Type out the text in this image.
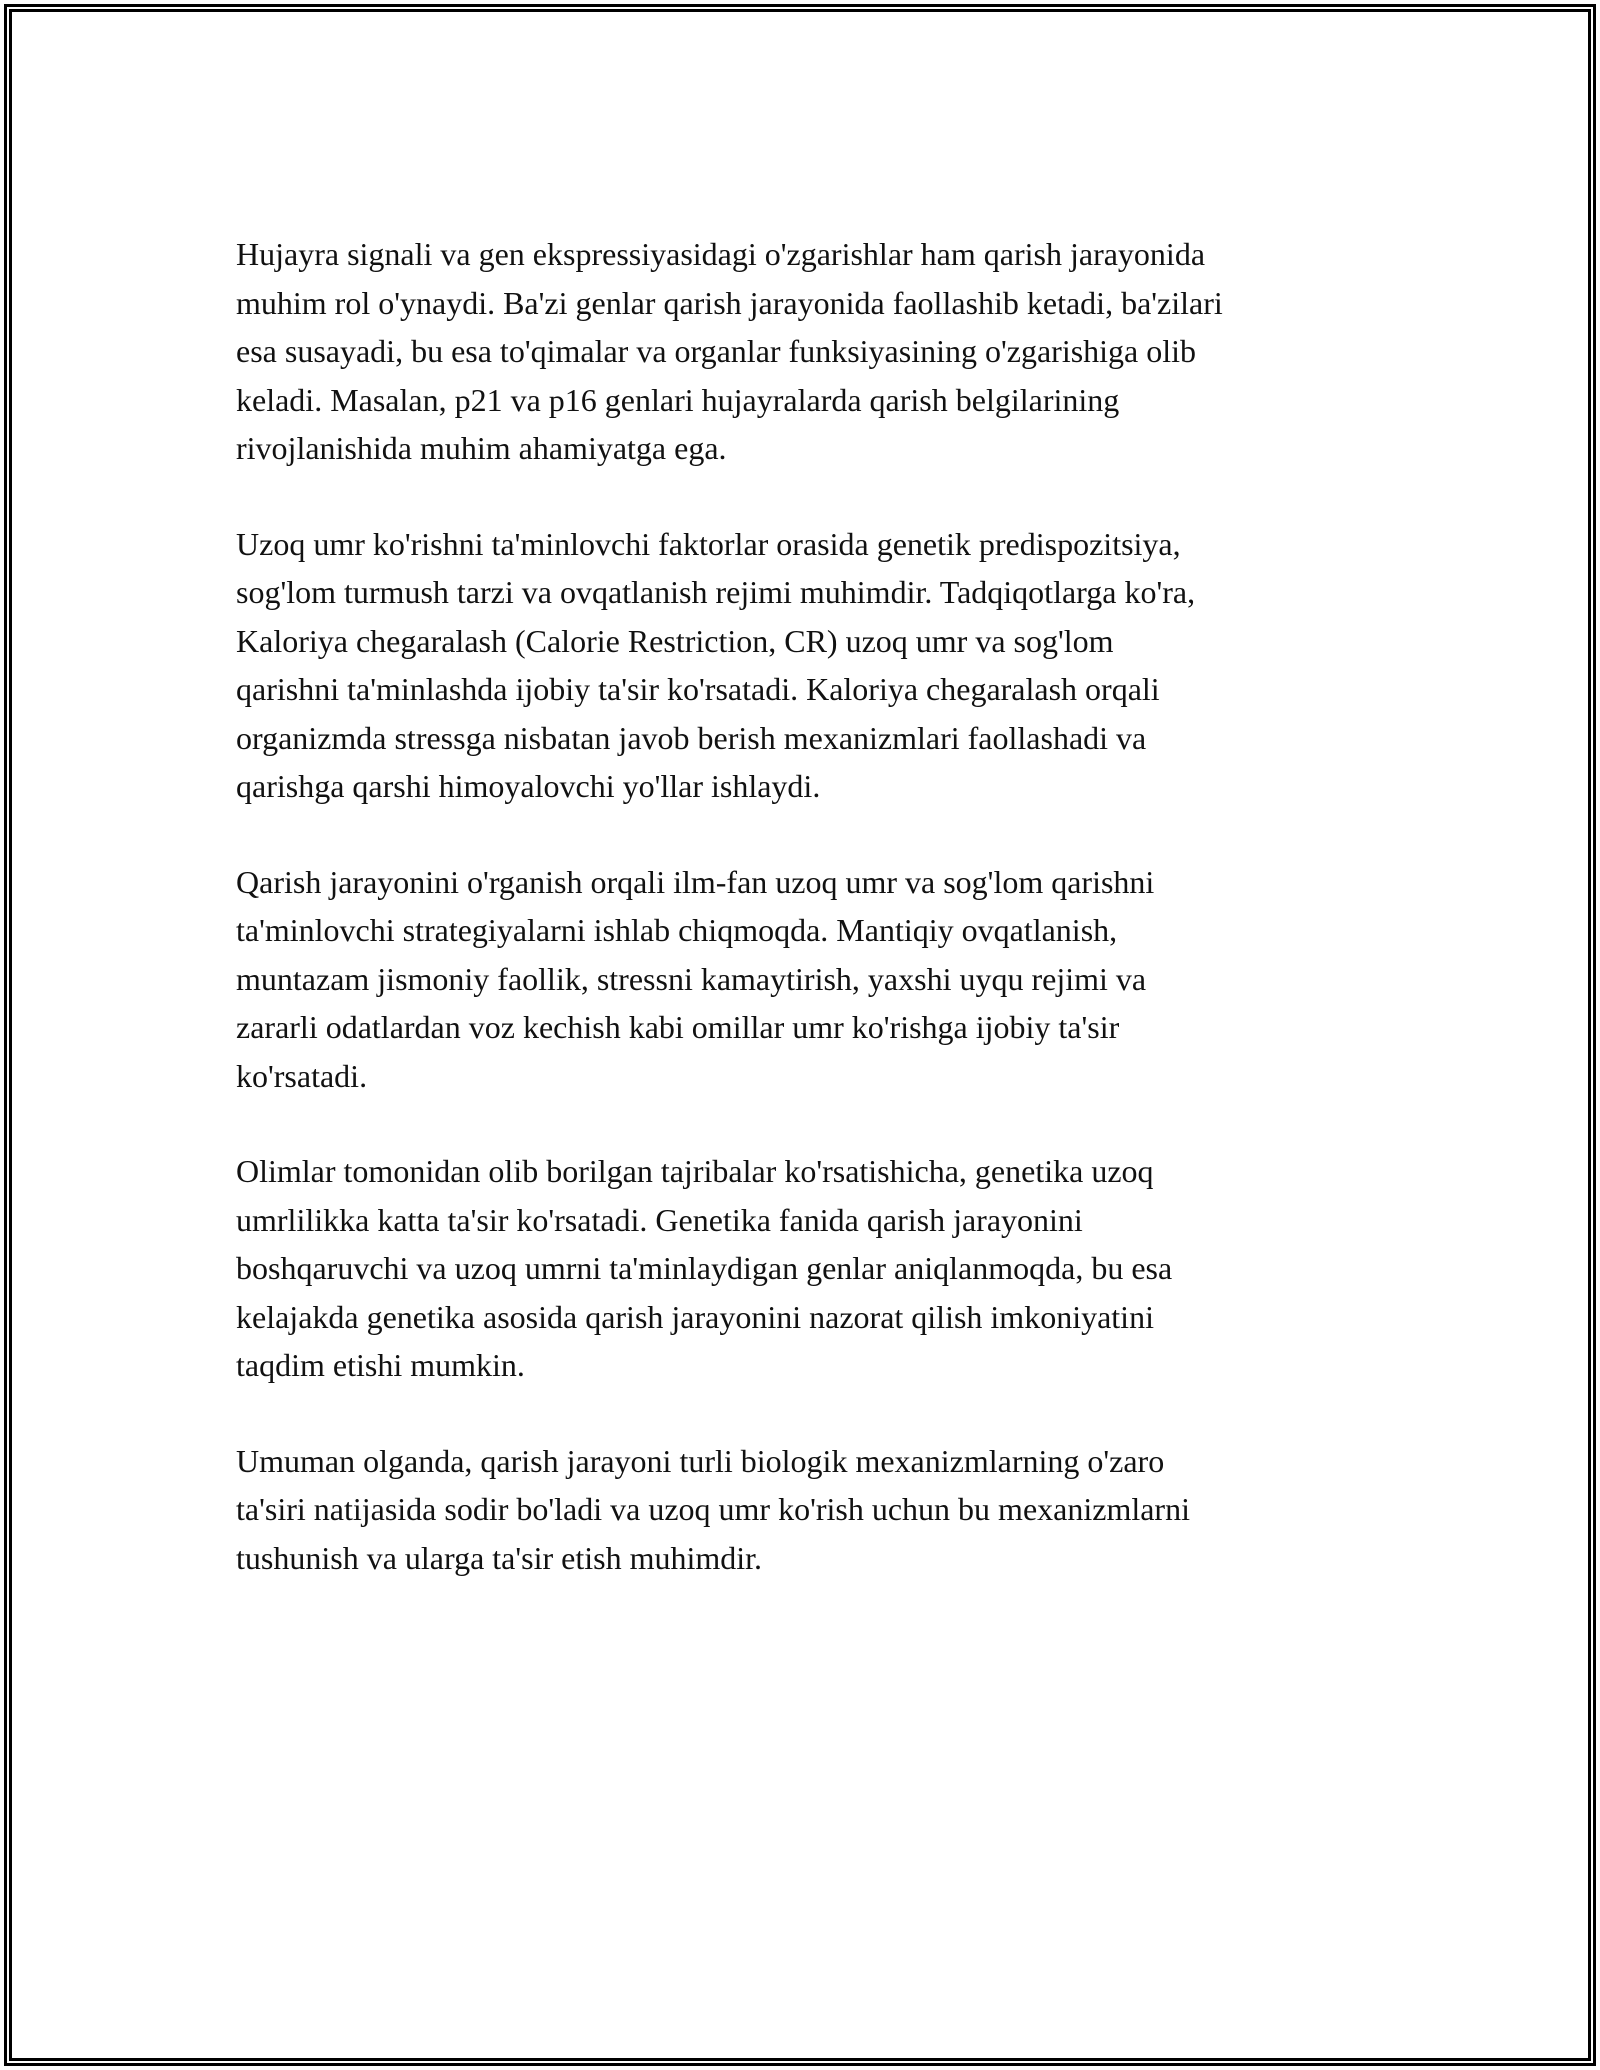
Hujayra signali va gen ekspressiyasidagi o'zgarishlar ham qarish jarayonida
muhim rol o'ynaydi. Ba'zi genlar qarish jarayonida faollashib ketadi, ba'zilari
esa susayadi, bu esa to'qimalar va organlar funksiyasining o'zgarishiga olib
keladi. Masalan, p21 va p16 genlari hujayralarda qarish belgilarining
rivojlanishida muhim ahamiyatga ega.

Uzoq umr ko'rishni ta'minlovchi faktorlar orasida genetik predispozitsiya,
sog'lom turmush tarzi va ovqatlanish rejimi muhimdir. Tadqiqotlarga ko'ra,
Kaloriya chegaralash (Calorie Restriction, CR) uzoq umr va sog'lom
qarishni ta'minlashda ijobiy ta'sir ko'rsatadi. Kaloriya chegaralash orqali
organizmda stressga nisbatan javob berish mexanizmlari faollashadi va
qarishga qarshi himoyalovchi yo'llar ishlaydi.

Qarish jarayonini o'rganish orqali ilm-fan uzoq umr va sog'lom qarishni
ta'minlovchi strategiyalarni ishlab chiqmoqda. Mantiqiy ovqatlanish,
muntazam jismoniy faollik, stressni kamaytirish, yaxshi uyqu rejimi va
zararli odatlardan voz kechish kabi omillar umr ko'rishga ijobiy ta'sir
ko'rsatadi.

Olimlar tomonidan olib borilgan tajribalar ko'rsatishicha, genetika uzoq
umrlilikka katta ta'sir ko'rsatadi. Genetika fanida qarish jarayonini
boshqaruvchi va uzoq umrni ta'minlaydigan genlar aniqlanmoqda, bu esa
kelajakda genetika asosida qarish jarayonini nazorat qilish imkoniyatini
taqdim etishi mumkin.

Umuman olganda, qarish jarayoni turli biologik mexanizmlarning o'zaro
ta'siri natijasida sodir bo'ladi va uzoq umr ko'rish uchun bu mexanizmlarni
tushunish va ularga ta'sir etish muhimdir.
